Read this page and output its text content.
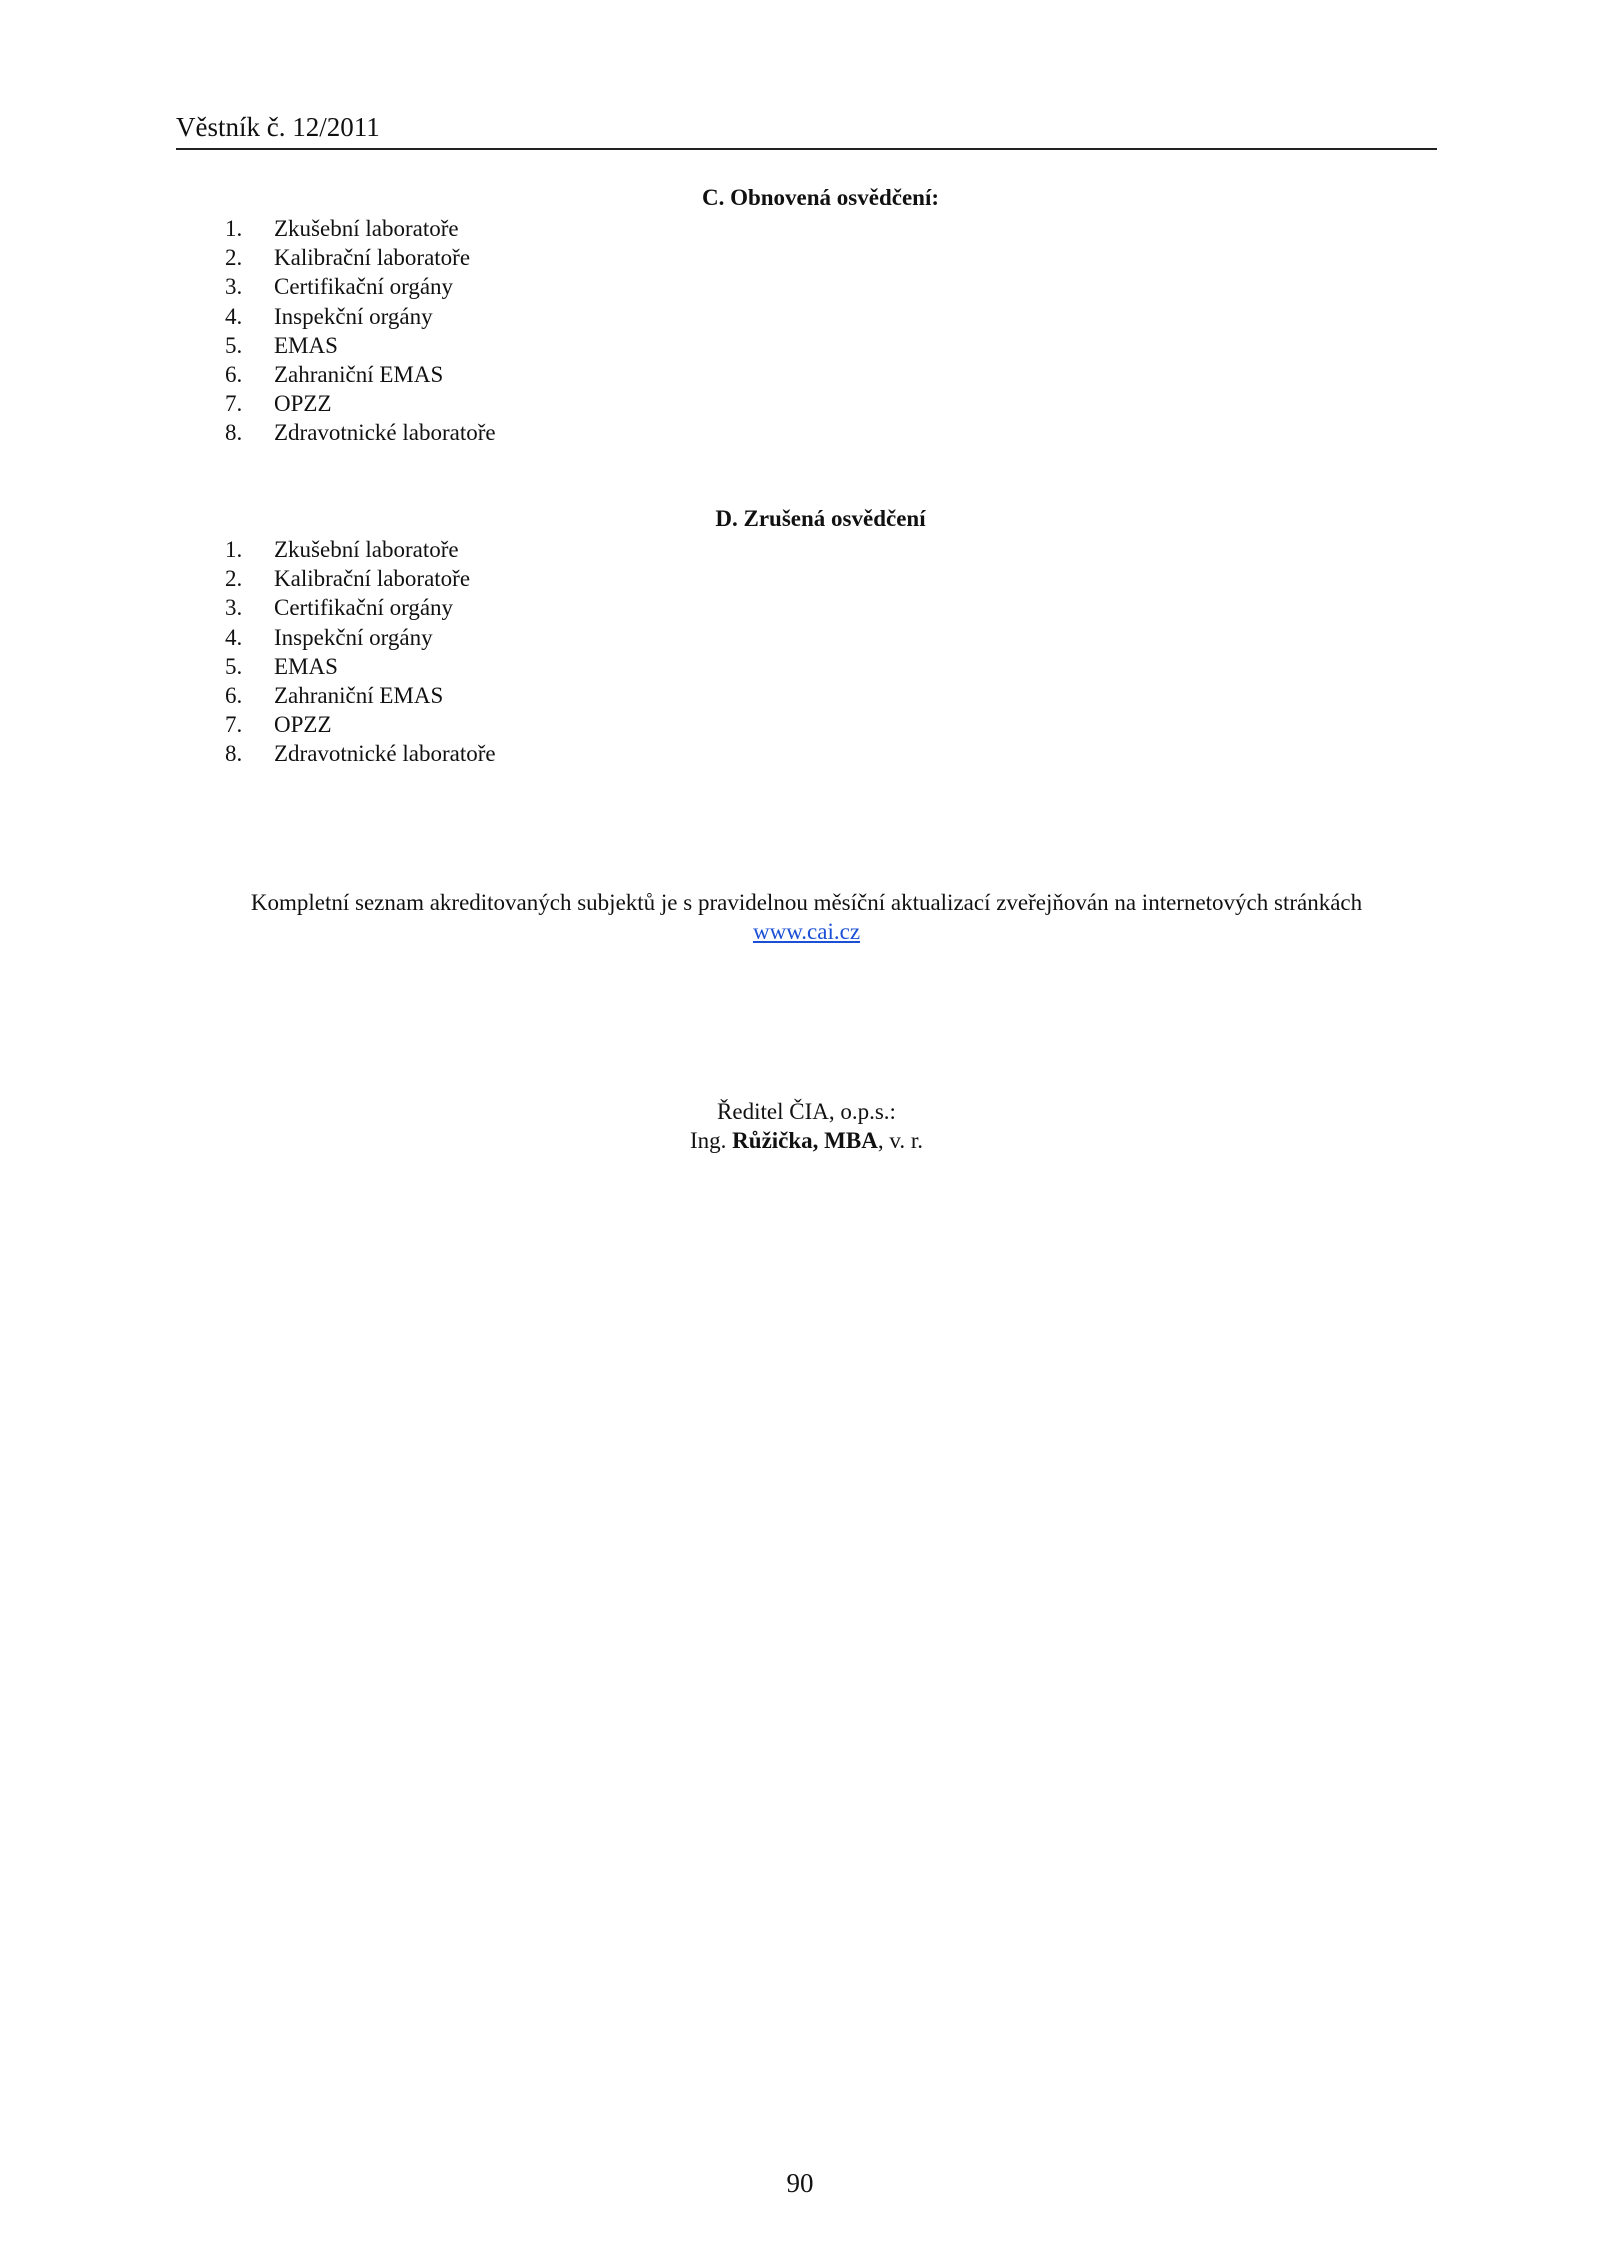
Věstník č. 12/2011
C. Obnovená osvědčení:
1.	Zkušební laboratoře
2.	Kalibrační laboratoře
3.	Certifikační orgány
4.	Inspekční orgány
5.	EMAS
6.	Zahraniční EMAS
7.	OPZZ
8.	Zdravotnické laboratoře
D. Zrušená osvědčení
1.	Zkušební laboratoře
2.	Kalibrační laboratoře
3.	Certifikační orgány
4.	Inspekční orgány
5.	EMAS
6.	Zahraniční EMAS
7.	OPZZ
8.	Zdravotnické laboratoře
Kompletní seznam akreditovaných subjektů je s pravidelnou měsíční aktualizací zveřejňován na internetových stránkách
www.cai.cz
Ředitel ČIA, o.p.s.:
Ing. Růžička, MBA, v. r.
90
